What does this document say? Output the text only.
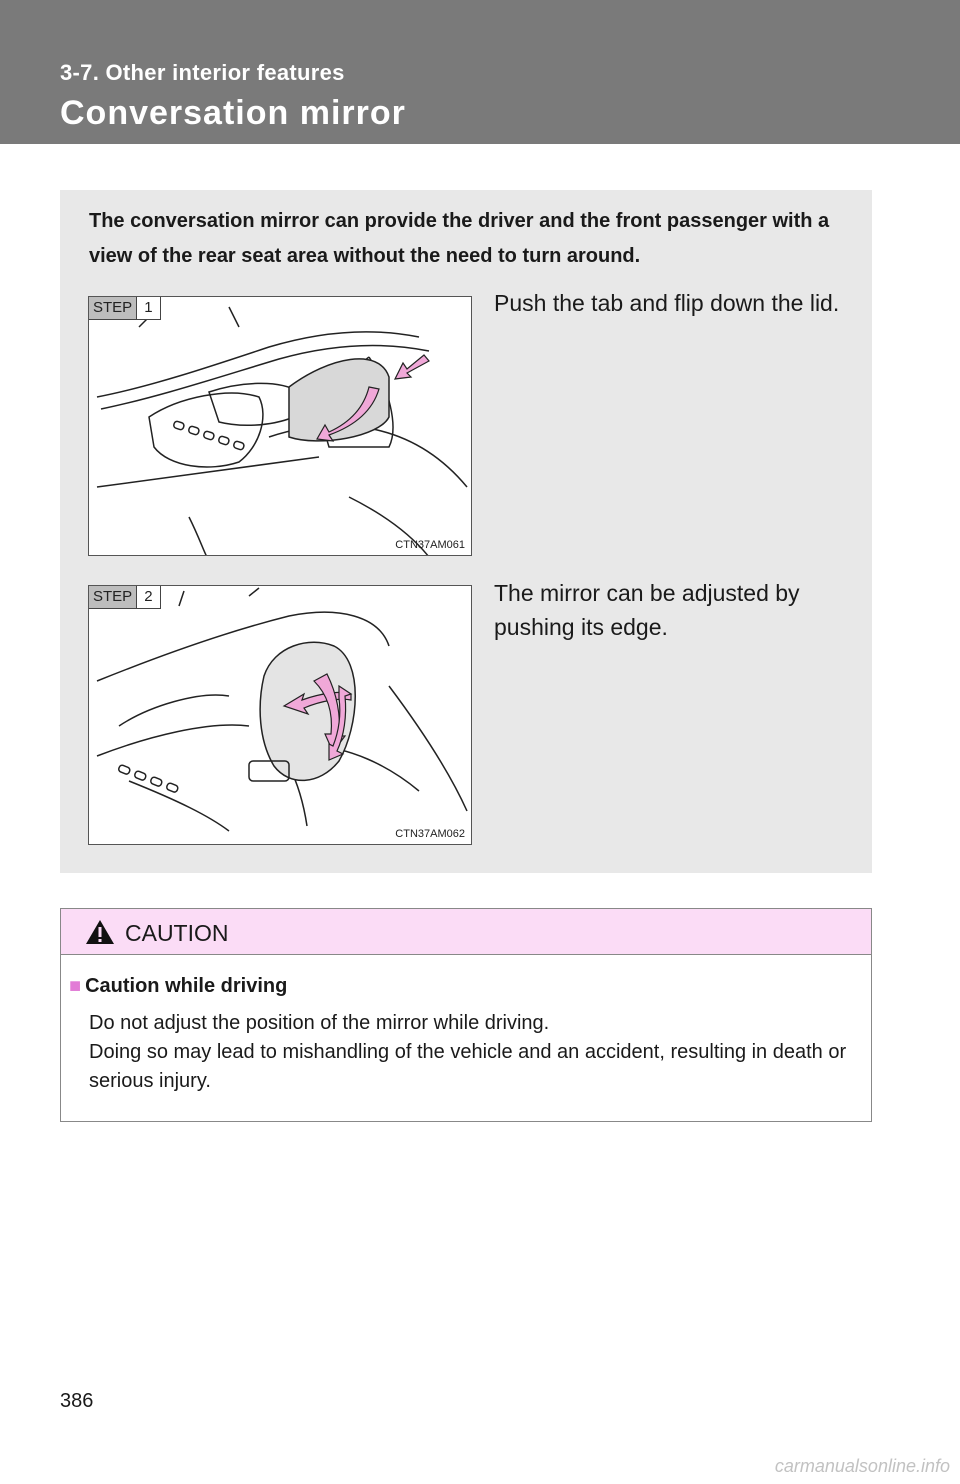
3-7. Other interior features
Conversation mirror
The conversation mirror can provide the driver and the front passenger with a view of the rear seat area without the need to turn around.
STEP 1
CTN37AM061
Push the tab and flip down the lid.
STEP 2
CTN37AM062
The mirror can be adjusted by pushing its edge.
CAUTION
■ Caution while driving
Do not adjust the position of the mirror while driving.
Doing so may lead to mishandling of the vehicle and an accident, resulting in death or serious injury.
386
carmanualsonline.info
